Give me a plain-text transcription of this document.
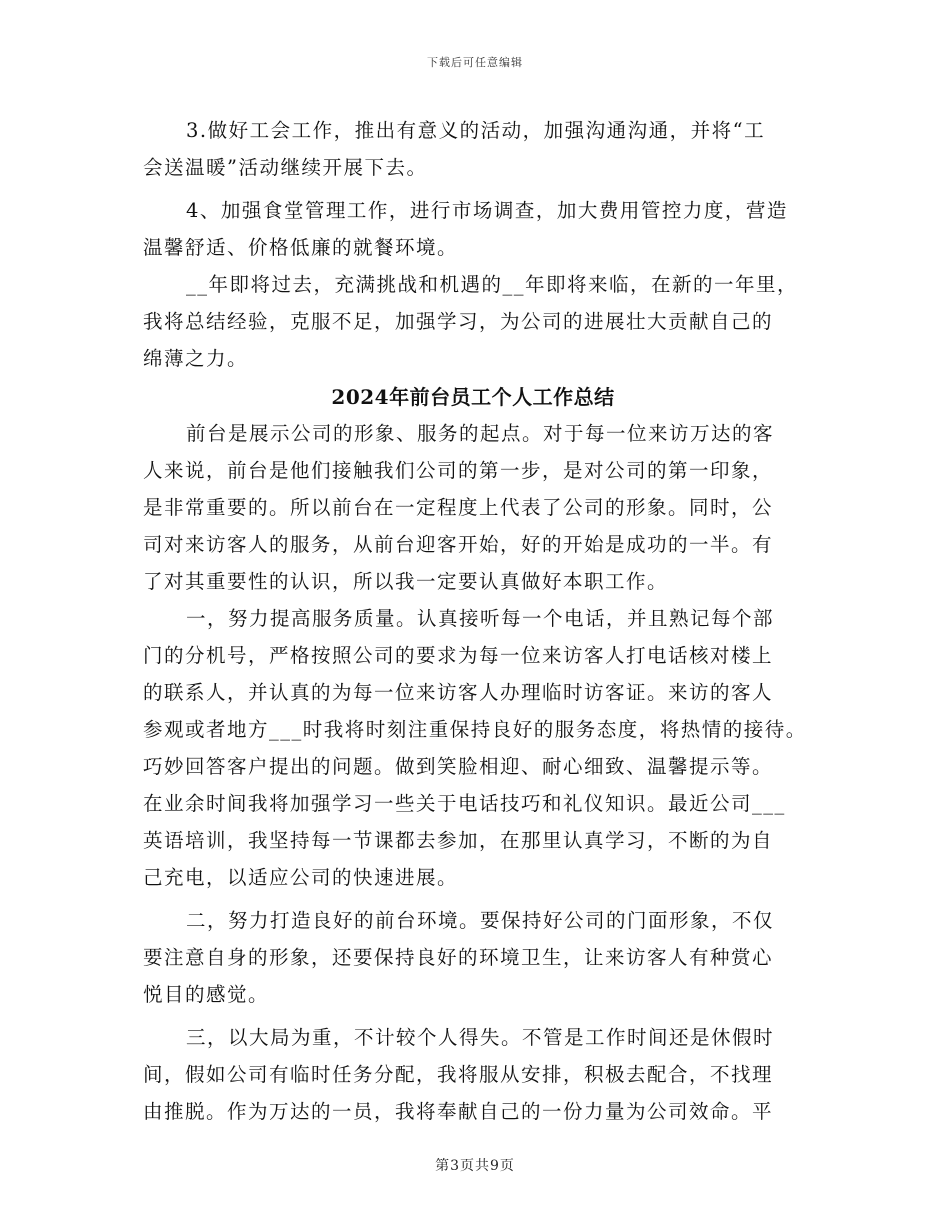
下载后可任意编辑
3.做好工会工作，推出有意义的活动，加强沟通沟通，并将“工
会送温暖”活动继续开展下去。
4、加强食堂管理工作，进行市场调查，加大费用管控力度，营造
温馨舒适、价格低廉的就餐环境。
__年即将过去，充满挑战和机遇的__年即将来临，在新的一年里，
我将总结经验，克服不足，加强学习，为公司的进展壮大贡献自己的
绵薄之力。
2024年前台员工个人工作总结
前台是展示公司的形象、服务的起点。对于每一位来访万达的客
人来说，前台是他们接触我们公司的第一步，是对公司的第一印象，
是非常重要的。所以前台在一定程度上代表了公司的形象。同时，公
司对来访客人的服务，从前台迎客开始，好的开始是成功的一半。有
了对其重要性的认识，所以我一定要认真做好本职工作。
一，努力提高服务质量。认真接听每一个电话，并且熟记每个部
门的分机号，严格按照公司的要求为每一位来访客人打电话核对楼上
的联系人，并认真的为每一位来访客人办理临时访客证。来访的客人
参观或者地方___时我将时刻注重保持良好的服务态度，将热情的接待。
巧妙回答客户提出的问题。做到笑脸相迎、耐心细致、温馨提示等。
在业余时间我将加强学习一些关于电话技巧和礼仪知识。最近公司___
英语培训，我坚持每一节课都去参加，在那里认真学习，不断的为自
己充电，以适应公司的快速进展。
二，努力打造良好的前台环境。要保持好公司的门面形象，不仅
要注意自身的形象，还要保持良好的环境卫生，让来访客人有种赏心
悦目的感觉。
三，以大局为重，不计较个人得失。不管是工作时间还是休假时
间，假如公司有临时任务分配，我将服从安排，积极去配合，不找理
由推脱。作为万达的一员，我将奉献自己的一份力量为公司效命。平
第3页共9页
